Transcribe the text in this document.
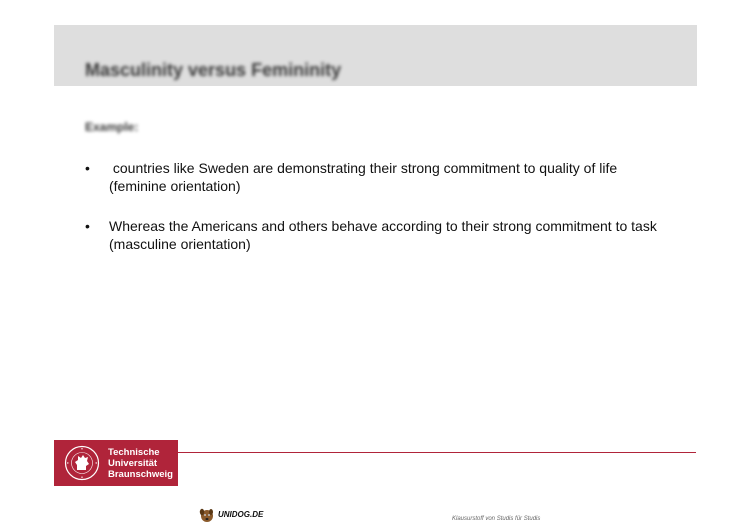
Masculinity versus Femininity
Example:
• countries like Sweden are demonstrating their strong commitment to quality of life
(feminine orientation)
• Whereas the Americans and others behave according to their strong commitment to task
(masculine orientation)
Technische
Universität
Braunschweig
UNIDOG.DE	Klausurstoff von Studis für Studis
